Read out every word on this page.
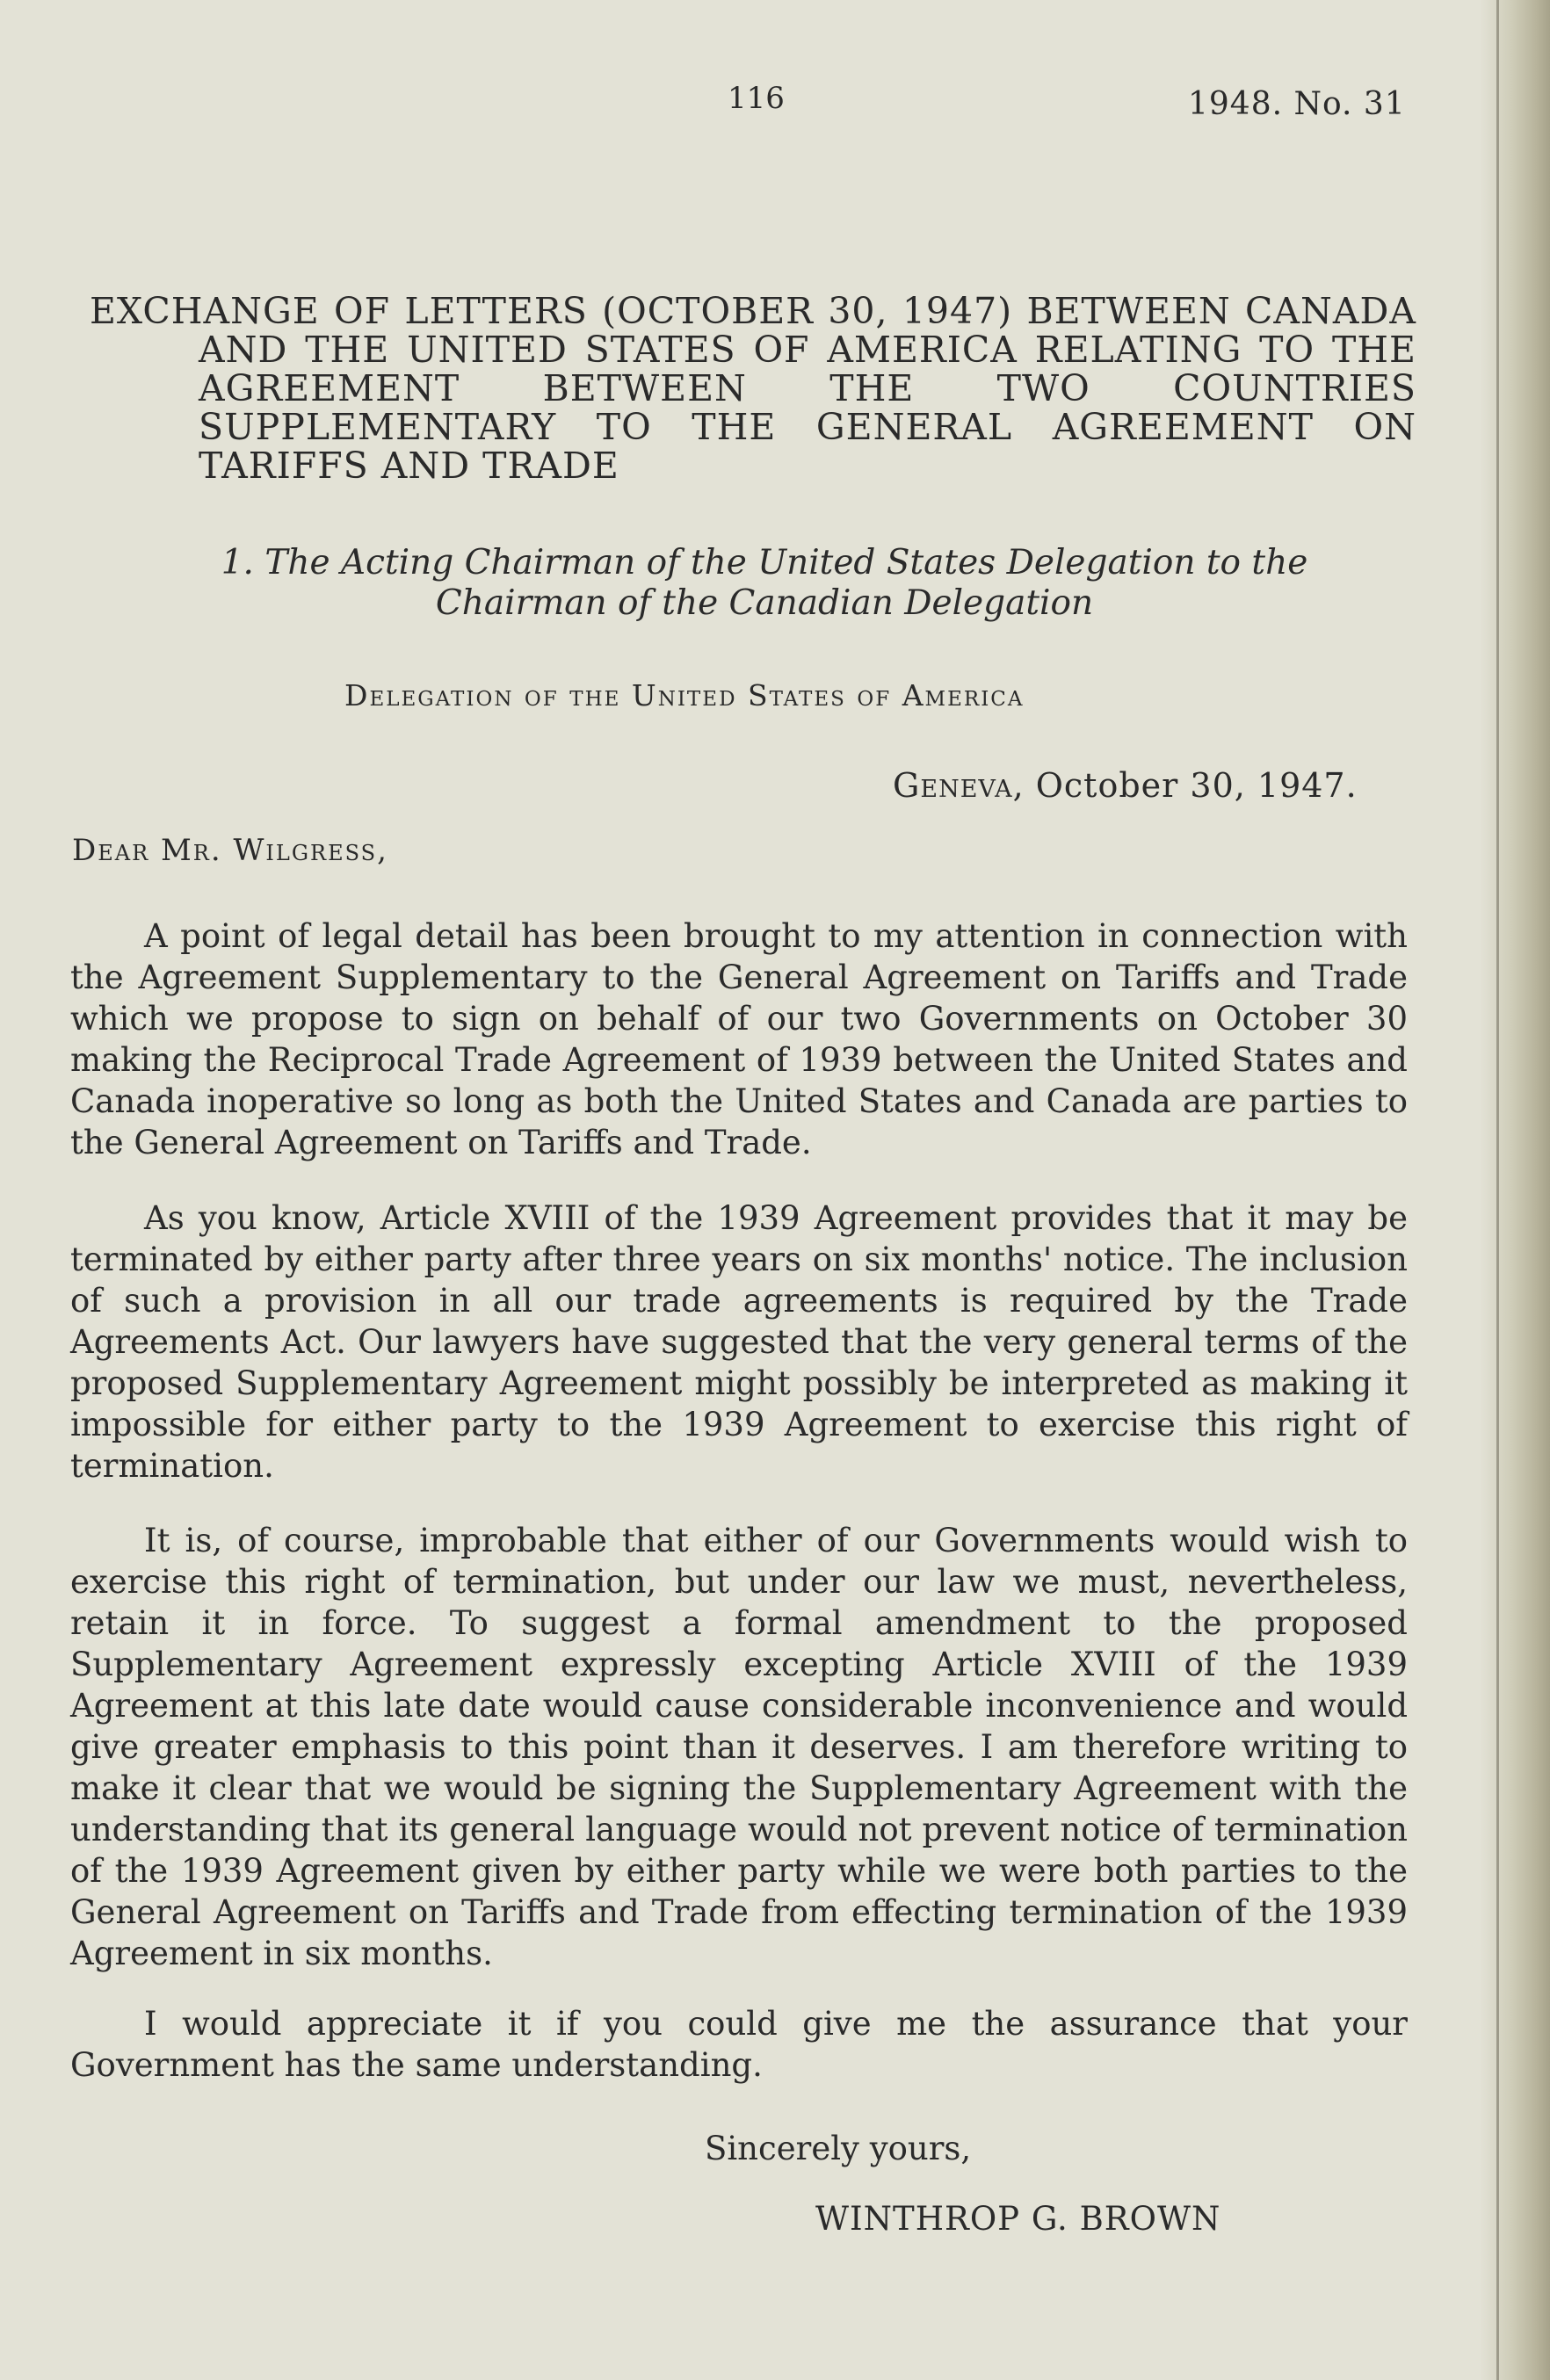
116	1948. No. 31
EXCHANGE OF LETTERS (OCTOBER 30, 1947) BETWEEN CANADA AND THE UNITED STATES OF AMERICA RELATING TO THE AGREEMENT BETWEEN THE TWO COUNTRIES SUPPLEMENTARY TO THE GENERAL AGREEMENT ON TARIFFS AND TRADE
1. The Acting Chairman of the United States Delegation to the Chairman of the Canadian Delegation
Delegation of the United States of America
Geneva, October 30, 1947.
Dear Mr. Wilgress,

A point of legal detail has been brought to my attention in connection with the Agreement Supplementary to the General Agreement on Tariffs and Trade which we propose to sign on behalf of our two Governments on October 30 making the Reciprocal Trade Agreement of 1939 between the United States and Canada inoperative so long as both the United States and Canada are parties to the General Agreement on Tariffs and Trade.

As you know, Article XVIII of the 1939 Agreement provides that it may be terminated by either party after three years on six months' notice. The inclusion of such a provision in all our trade agreements is required by the Trade Agreements Act. Our lawyers have suggested that the very general terms of the proposed Supplementary Agreement might possibly be interpreted as making it impossible for either party to the 1939 Agreement to exercise this right of termination.

It is, of course, improbable that either of our Governments would wish to exercise this right of termination, but under our law we must, nevertheless, retain it in force. To suggest a formal amendment to the proposed Supplementary Agreement expressly excepting Article XVIII of the 1939 Agreement at this late date would cause considerable inconvenience and would give greater emphasis to this point than it deserves. I am therefore writing to make it clear that we would be signing the Supplementary Agreement with the understanding that its general language would not prevent notice of termination of the 1939 Agreement given by either party while we were both parties to the General Agreement on Tariffs and Trade from effecting termination of the 1939 Agreement in six months.

I would appreciate it if you could give me the assurance that your Government has the same understanding.

Sincerely yours,
WINTHROP G. BROWN
